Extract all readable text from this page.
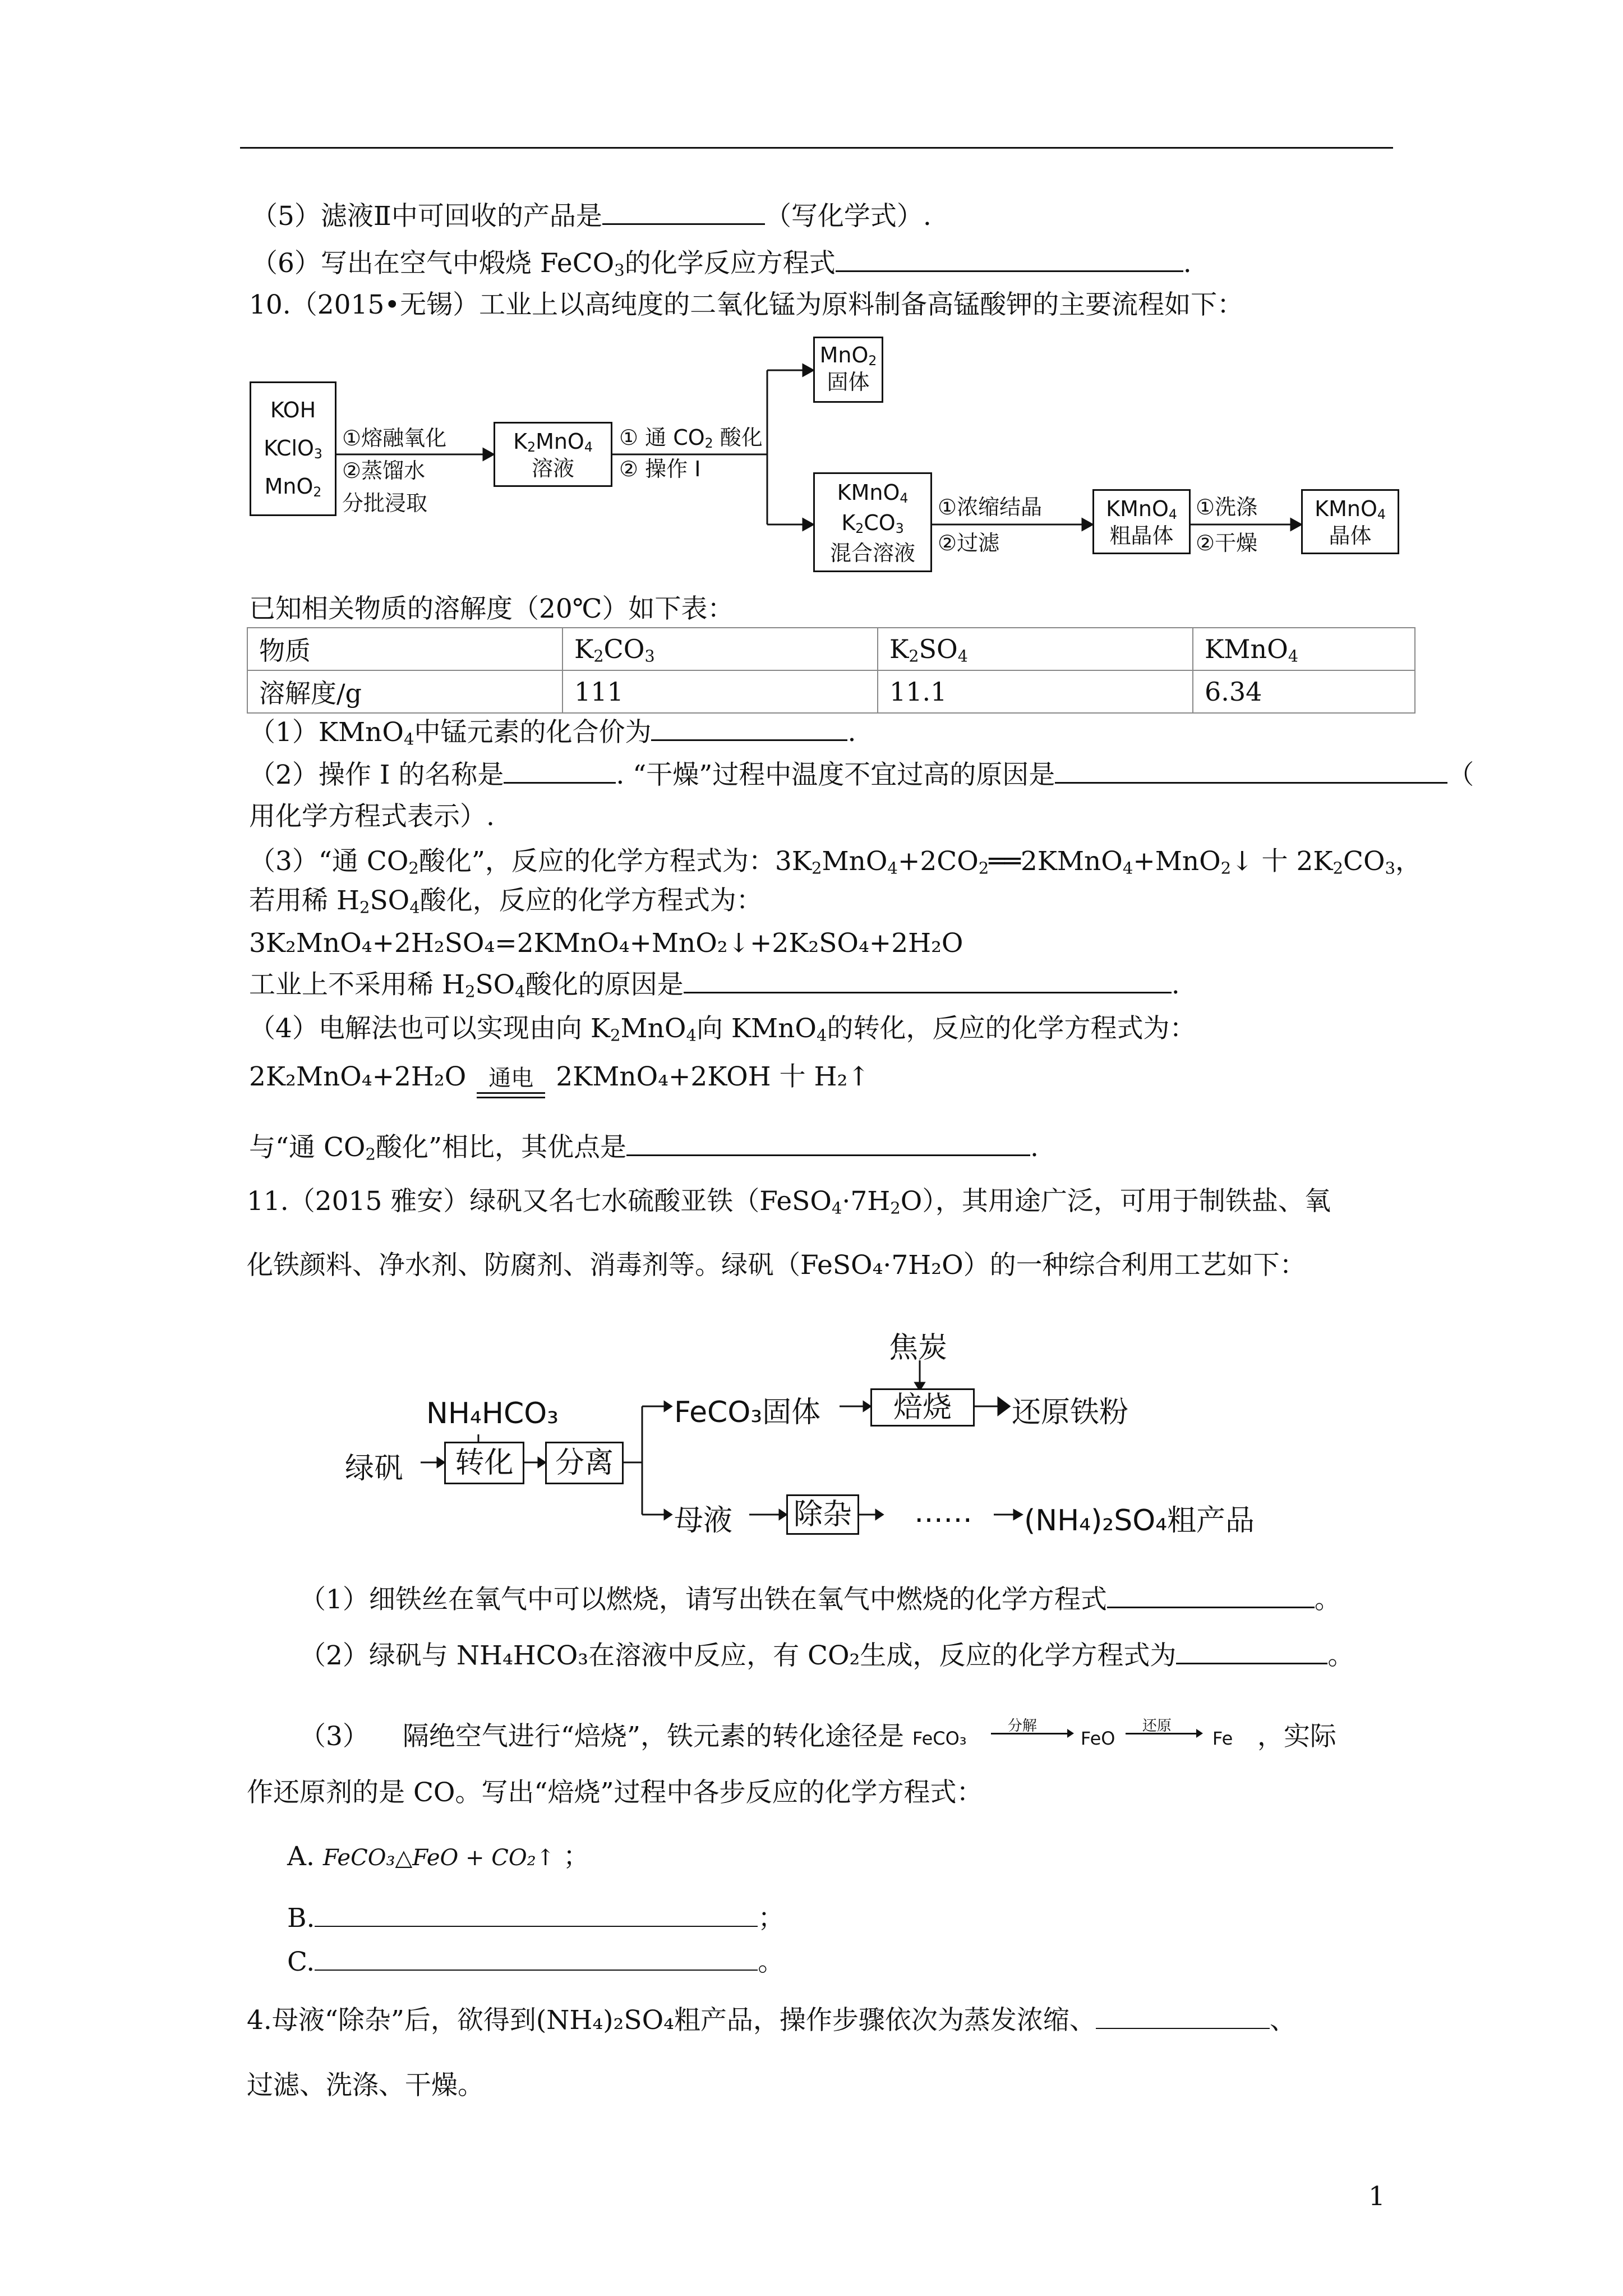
（5）滤液Ⅱ中可回收的产品是	（写化学式）.
（6）写出在空气中煅烧 FeCO$_3$的化学反应方程式	.
10.（2015•无锡）工业上以高纯度的二氧化锰为原料制备高锰酸钾的主要流程如下：
KOH
KClO$_3$
MnO$_2$
①熔融氧化
②蒸馏水
分批浸取
$K_2MnO_4$
溶液
① 通 $CO_2$ 酸化
② 操作 I
MnO$_2$
固体
KMnO$_4$
$K_2CO_3$
混合溶液
①浓缩结晶
②过滤
KMnO$_4$
粗晶体
①洗涤
②干燥
KMnO$_4$
晶体
已知相关物质的溶解度（20℃）如下表：
物质	$K_2CO_3$	$K_2SO_4$	KMnO$_4$
溶解度/g	111	11.1	6.34
（1）KMnO$_4$中锰元素的化合价为	.
（2）操作 I 的名称是	. “干燥”过程中温度不宜过高的原因是	（
用化学方程式表示）.
（3）“通 $CO_2$酸化”，反应的化学方程式为：$3K_2MnO_4+2CO_2══2KMnO_4+MnO_2↓$ 十 $2K_2CO_3$，
若用稀 $H_2SO_4$酸化，反应的化学方程式为：
3K₂MnO₄+2H₂SO₄=2KMnO₄+MnO₂↓+2K₂SO₄+2H₂O
工业上不采用稀 $H_2SO_4$酸化的原因是	.
（4）电解法也可以实现由向 $K_2MnO_4$向 KMnO$_4$的转化，反应的化学方程式为：
2K₂MnO₄+2H₂O 通电 2KMnO₄+2KOH 十 H₂↑
与“通 $CO_2$酸化”相比，其优点是	.
11.（2015 雅安）绿矾又名七水硫酸亚铁$(FeSO_4\cdot 7H_2O)$，其用途广泛，可用于制铁盐、氧
化铁颜料、净水剂、防腐剂、消毒剂等。绿矾（FeSO₄·7H₂O）的一种综合利用工艺如下：
焦炭
NH₄HCO₃
绿矾	转化	分离
FeCO₃固体	焙烧	还原铁粉
母液 除杂 …… (NH₄)₂SO₄粗产品
（1）细铁丝在氧气中可以燃烧，请写出铁在氧气中燃烧的化学方程式	。
（2）绿矾与 NH₄HCO₃在溶液中反应，有 CO₂生成，反应的化学方程式为	。
（3） 隔绝空气进行“焙烧”，铁元素的转化途径是 FeCO₃
分解
FeO
还原
Fe ，实际
作还原剂的是 CO。写出“焙烧”过程中各步反应的化学方程式：
A. FeCO₃△FeO + CO₂↑ ；
B.	；
C.	。
4.母液“除杂”后，欲得到(NH₄)₂SO₄粗产品，操作步骤依次为蒸发浓缩、	、
过滤、洗涤、干燥。
1
